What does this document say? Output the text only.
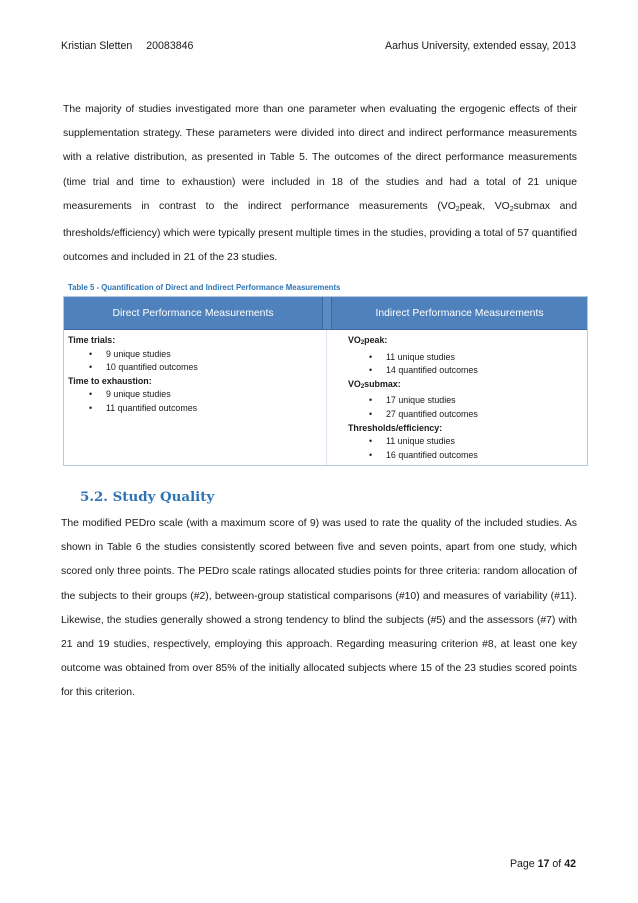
Kristian Sletten 20083846	Aarhus University, extended essay, 2013

The majority of studies investigated more than one parameter when evaluating the ergogenic effects of their supplementation strategy. These parameters were divided into direct and indirect performance measurements with a relative distribution, as presented in Table 5. The outcomes of the direct performance measurements (time trial and time to exhaustion) were included in 18 of the studies and had a total of 21 unique measurements in contrast to the indirect performance measurements ($VO_2peak$, $VO_2submax$ and thresholds/efficiency) which were typically present multiple times in the studies, providing a total of 57 quantified outcomes and included in 21 of the 23 studies.

Table 5 - Quantification of Direct and Indirect Performance Measurements
Direct Performance Measurements	Indirect Performance Measurements
Time trials:
• 9 unique studies
• 10 quantified outcomes
Time to exhaustion:
• 9 unique studies
• 11 quantified outcomes
$VO_2peak$:
• 11 unique studies
• 14 quantified outcomes
$VO_2submax$:
• 17 unique studies
• 27 quantified outcomes
Thresholds/efficiency:
• 11 unique studies
• 16 quantified outcomes
5.2. Study Quality

The modified PEDro scale (with a maximum score of 9) was used to rate the quality of the included studies. As shown in Table 6 the studies consistently scored between five and seven points, apart from one study, which scored only three points. The PEDro scale ratings allocated studies points for three criteria: random allocation of the subjects to their groups (#2), between-group statistical comparisons (#10) and measures of variability (#11). Likewise, the studies generally showed a strong tendency to blind the subjects (#5) and the assessors (#7) with 21 and 19 studies, respectively, employing this approach. Regarding measuring criterion #8, at least one key outcome was obtained from over 85% of the initially allocated subjects where 15 of the 23 studies scored points for this criterion.

Page 17 of 42
